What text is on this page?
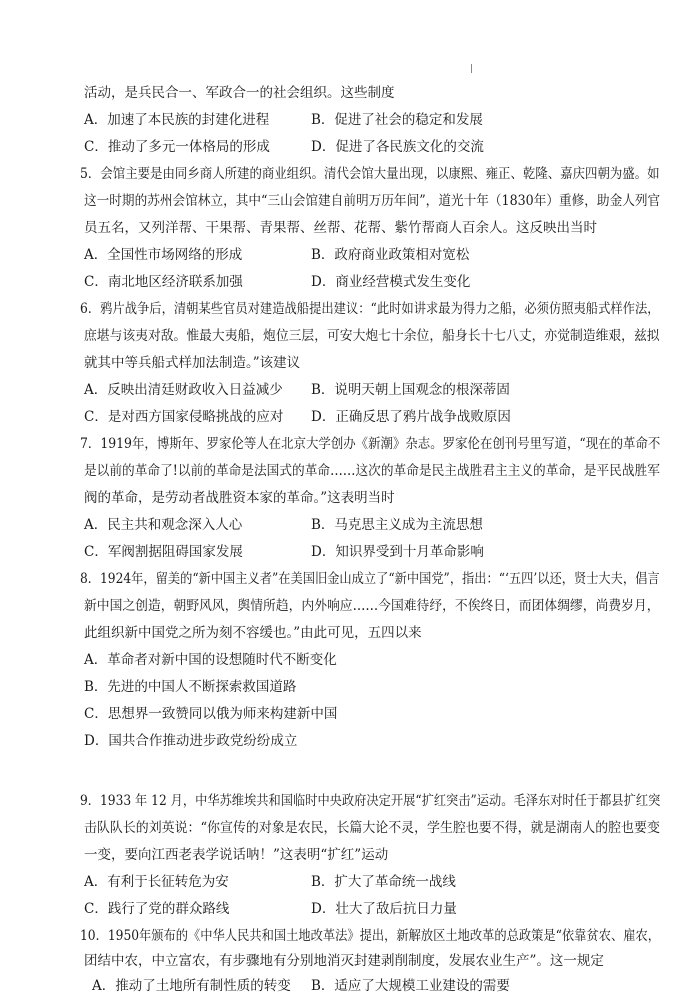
活动，是兵民合一、军政合一的社会组织。这些制度
A．加速了本民族的封建化进程	B．促进了社会的稳定和发展
C．推动了多元一体格局的形成	D．促进了各民族文化的交流
5．会馆主要是由同乡商人所建的商业组织。清代会馆大量出现，以康熙、雍正、乾隆、嘉庆四朝为盛。如
这一时期的苏州会馆林立，其中“三山会馆建自前明万历年间”，道光十年（1830年）重修，助金人列官
员五名，又列洋帮、干果帮、青果帮、丝帮、花帮、紫竹帮商人百余人。这反映出当时
A．全国性市场网络的形成	B．政府商业政策相对宽松
C．南北地区经济联系加强	D．商业经营模式发生变化
6．鸦片战争后，清朝某些官员对建造战船提出建议：“此时如讲求最为得力之船，必须仿照夷船式样作法，
庶堪与该夷对敌。惟最大夷船，炮位三层，可安大炮七十余位，船身长十七八丈，亦觉制造维艰，兹拟
就其中等兵船式样加法制造。”该建议
A．反映出清廷财政收入日益减少 B．说明天朝上国观念的根深蒂固
C．是对西方国家侵略挑战的应对 D．正确反思了鸦片战争战败原因
7．1919年，博斯年、罗家伦等人在北京大学创办《新潮》杂志。罗家伦在创刊号里写道，“现在的革命不
是以前的革命了!以前的革命是法国式的革命……这次的革命是民主战胜君主主义的革命，是平民战胜军
阀的革命，是劳动者战胜资本家的革命。”这表明当时
A．民主共和观念深入人心	B．马克思主义成为主流思想
C．军阀割据阻碍国家发展	D．知识界受到十月革命影响
8．1924年，留美的“新中国主义者”在美国旧金山成立了“新中国党”，指出：“‘五四’以还，贤士大夫，倡言
新中国之创造，朝野风风，舆情所趋，内外响应……今国难待纾，不俟终日，而团体绸缪，尚费岁月，
此组织新中国党之所为刻不容缓也。”由此可见，五四以来
A．革命者对新中国的设想随时代不断变化
B．先进的中国人不断探索救国道路
C．思想界一致赞同以俄为师来构建新中国
D．国共合作推动进步政党纷纷成立
9．1933 年 12 月，中华苏维埃共和国临时中央政府决定开展“扩红突击”运动。毛泽东对时任于都县扩红突
击队队长的刘英说：“你宣传的对象是农民，长篇大论不灵，学生腔也要不得，就是湖南人的腔也要变
一变，要向江西老表学说话呐！”这表明“扩红”运动
A．有利于长征转危为安	B．扩大了革命统一战线
C．践行了党的群众路线	D．壮大了敌后抗日力量
10．1950年颁布的《中华人民共和国土地改革法》提出，新解放区土地改革的总政策是“依靠贫农、雇农，
团结中农，中立富农，有步骤地有分别地消灭封建剥削制度，发展农业生产”。这一规定
A．推动了土地所有制性质的转变 B．适应了大规模工业建设的需要
